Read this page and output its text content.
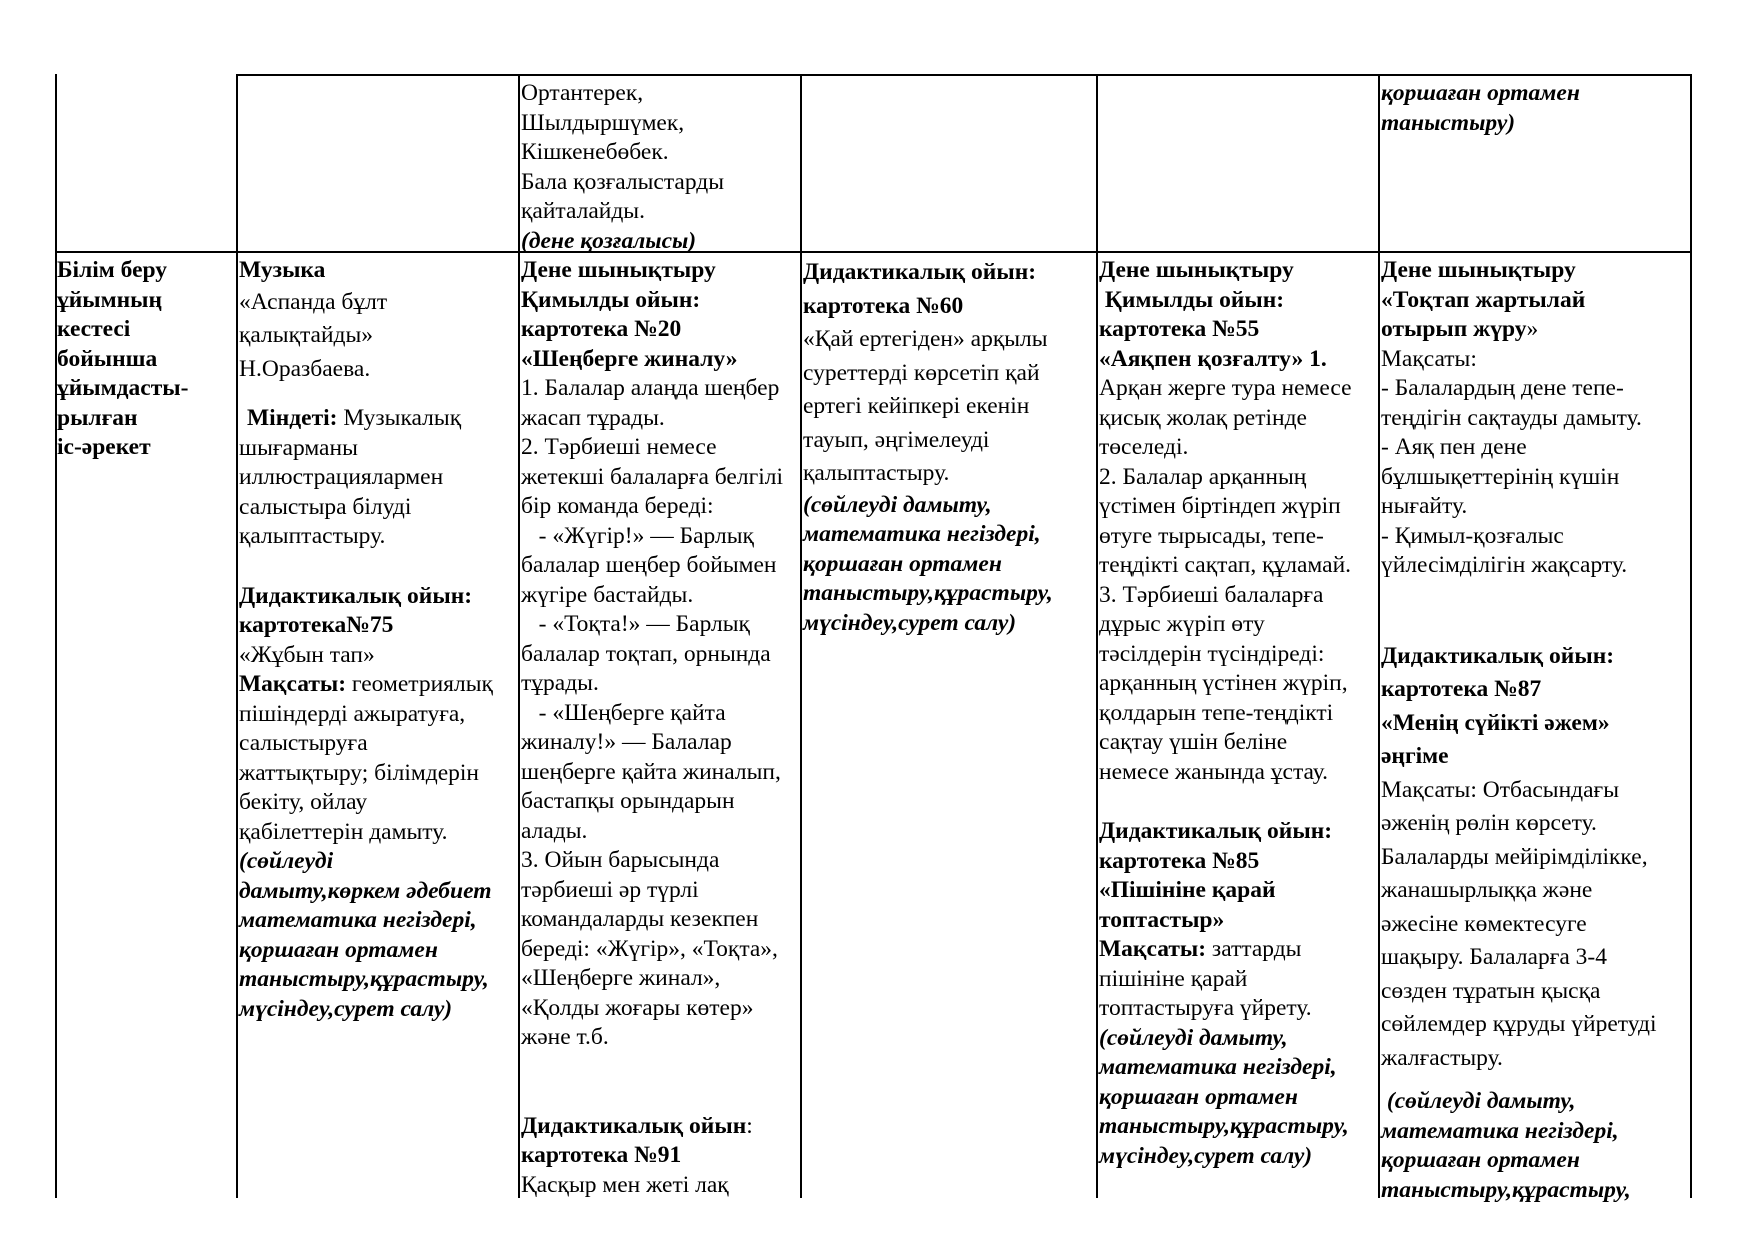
Ортантерек,

Шылдыршүмек,

Кішкенебөбек.

Бала қозғалыстарды

қайталайды.

(дене қозғалысы)

қоршаған ортамен

таныстыру)

Білім беру

ұйымның

кестесі

бойынша

ұйымдасты-

рылған

іс-әрекет

Музыка

«Аспанда бұлт

қалықтайды»

Н.Оразбаева.

Міндеті: Музыкалық

шығарманы

иллюстрациялармен

салыстыра білуді

қалыптастыру.

Дидактикалық ойын:

картотека№75

«Жұбын тап»

Мақсаты: геометриялық

пішіндерді ажыратуға,

салыстыруға

жаттықтыру; білімдерін

бекіту, ойлау

қабілеттерін дамыту.

(сөйлеуді

дамыту,көркем әдебиет

математика негіздері,

қоршаған ортамен

таныстыру,құрастыру,

мүсіндеу,сурет салу)

Дене шынықтыру

Қимылды ойын:

картотека №20

«Шеңберге жиналу»

1. Балалар алаңда шеңбер

жасап тұрады.

2. Тәрбиеші немесе

жетекші балаларға белгілі

бір команда береді:

- «Жүгір!» — Барлық

балалар шеңбер бойымен

жүгіре бастайды.

- «Тоқта!» — Барлық

балалар тоқтап, орнында

тұрады.

- «Шеңберге қайта

жиналу!» — Балалар

шеңберге қайта жиналып,

бастапқы орындарын

алады.

3. Ойын барысында

тәрбиеші әр түрлі

командаларды кезекпен

береді: «Жүгір», «Тоқта»,

«Шеңберге жинал»,

«Қолды жоғары көтер»

және т.б.

Дидактикалық ойын:

картотека №91

Қасқыр мен жеті лақ

Дидактикалық ойын:

картотека №60

«Қай ертегіден» арқылы

суреттерді көрсетіп қай

ертегі кейіпкері екенін

тауып, әңгімелеуді

қалыптастыру.

(сөйлеуді дамыту,

математика негіздері,

қоршаған ортамен

таныстыру,құрастыру,

мүсіндеу,сурет салу)

Дене шынықтыру

Қимылды ойын:

картотека №55

«Аяқпен қозғалту» 1.

Арқан жерге тура немесе

қисық жолақ ретінде

төселеді.

2. Балалар арқанның

үстімен біртіндеп жүріп

өтуге тырысады, тепе-

теңдікті сақтап, құламай.

3. Тәрбиеші балаларға

дұрыс жүріп өту

тәсілдерін түсіндіреді:

арқанның үстінен жүріп,

қолдарын тепе-теңдікті

сақтау үшін беліне

немесе жанында ұстау.

Дидактикалық ойын:

картотека №85

«Пішініне қарай

топтастыр»

Мақсаты: заттарды

пішініне қарай

топтастыруға үйрету.

(сөйлеуді дамыту,

математика негіздері,

қоршаған ортамен

таныстыру,құрастыру,

мүсіндеу,сурет салу)

Дене шынықтыру

«Тоқтап жартылай

отырып жүру»

Мақсаты:

- Балалардың дене тепе-

теңдігін сақтауды дамыту.

- Аяқ пен дене

бұлшықеттерінің күшін

нығайту.

- Қимыл-қозғалыс

үйлесімділігін жақсарту.

Дидактикалық ойын:

картотека №87

«Менің сүйікті әжем»

әңгіме

Мақсаты: Отбасындағы

әженің рөлін көрсету.

Балаларды мейірімділікке,

жанашырлыққа және

әжесіне көмектесуге

шақыру. Балаларға 3-4

сөзден тұратын қысқа

сөйлемдер құруды үйретуді

жалғастыру.

(сөйлеуді дамыту,

математика негіздері,

қоршаған ортамен

таныстыру,құрастыру,
